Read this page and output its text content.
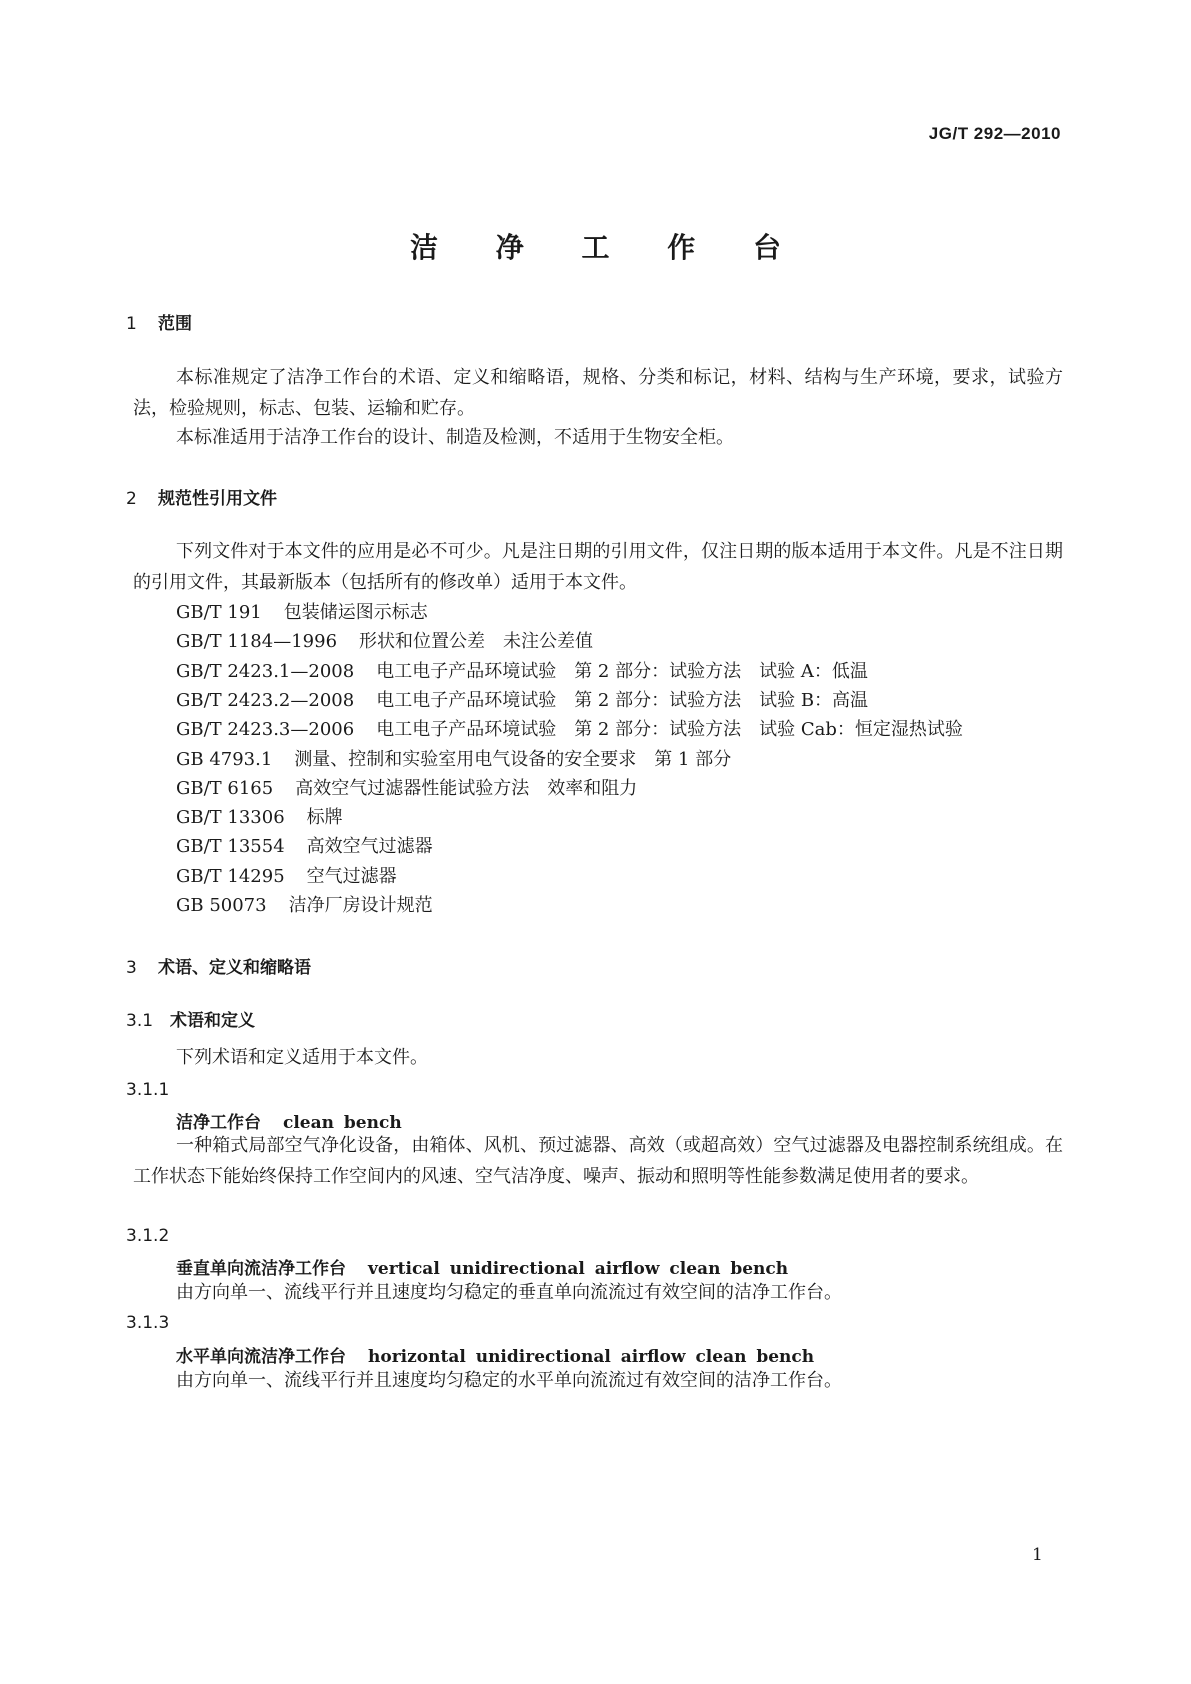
JG/T 292—2010
洁 净 工 作 台
1 范围
本标准规定了洁净工作台的术语、定义和缩略语，规格、分类和标记，材料、结构与生产环境，要求，试验方法，检验规则，标志、包装、运输和贮存。
本标准适用于洁净工作台的设计、制造及检测，不适用于生物安全柜。
2 规范性引用文件
下列文件对于本文件的应用是必不可少。凡是注日期的引用文件，仅注日期的版本适用于本文件。凡是不注日期的引用文件，其最新版本（包括所有的修改单）适用于本文件。
GB/T 191 包装储运图示标志
GB/T 1184—1996 形状和位置公差　未注公差值
GB/T 2423.1—2008 电工电子产品环境试验　第 2 部分：试验方法　试验 A：低温
GB/T 2423.2—2008 电工电子产品环境试验　第 2 部分：试验方法　试验 B：高温
GB/T 2423.3—2006 电工电子产品环境试验　第 2 部分：试验方法　试验 Cab：恒定湿热试验
GB 4793.1 测量、控制和实验室用电气设备的安全要求　第 1 部分
GB/T 6165 高效空气过滤器性能试验方法　效率和阻力
GB/T 13306 标牌
GB/T 13554 高效空气过滤器
GB/T 14295 空气过滤器
GB 50073 洁净厂房设计规范
3 术语、定义和缩略语
3.1 术语和定义
下列术语和定义适用于本文件。
3.1.1
洁净工作台 clean bench
一种箱式局部空气净化设备，由箱体、风机、预过滤器、高效（或超高效）空气过滤器及电器控制系统组成。在工作状态下能始终保持工作空间内的风速、空气洁净度、噪声、振动和照明等性能参数满足使用者的要求。
3.1.2
垂直单向流洁净工作台 vertical unidirectional airflow clean bench
由方向单一、流线平行并且速度均匀稳定的垂直单向流流过有效空间的洁净工作台。
3.1.3
水平单向流洁净工作台 horizontal unidirectional airflow clean bench
由方向单一、流线平行并且速度均匀稳定的水平单向流流过有效空间的洁净工作台。
1
